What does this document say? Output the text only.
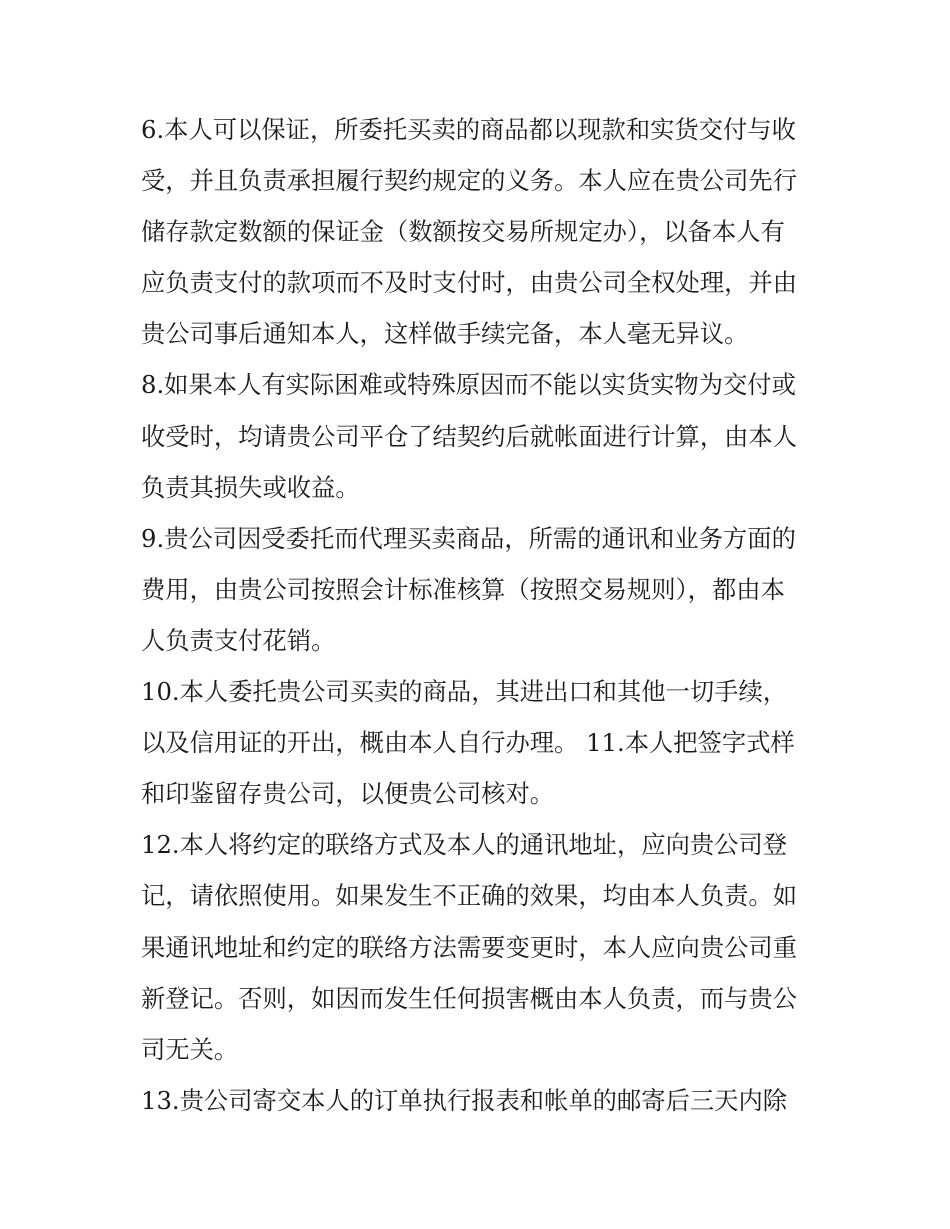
6.本人可以保证，所委托买卖的商品都以现款和实货交付与收
受，并且负责承担履行契约规定的义务。本人应在贵公司先行
储存款定数额的保证金（数额按交易所规定办），以备本人有
应负责支付的款项而不及时支付时，由贵公司全权处理，并由
贵公司事后通知本人，这样做手续完备，本人毫无异议。
8.如果本人有实际困难或特殊原因而不能以实货实物为交付或
收受时，均请贵公司平仓了结契约后就帐面进行计算，由本人
负责其损失或收益。
9.贵公司因受委托而代理买卖商品，所需的通讯和业务方面的
费用，由贵公司按照会计标准核算（按照交易规则），都由本
人负责支付花销。
10.本人委托贵公司买卖的商品，其进出口和其他一切手续，
以及信用证的开出，概由本人自行办理。 11.本人把签字式样
和印鉴留存贵公司，以便贵公司核对。
12.本人将约定的联络方式及本人的通讯地址，应向贵公司登
记，请依照使用。如果发生不正确的效果，均由本人负责。如
果通讯地址和约定的联络方法需要变更时，本人应向贵公司重
新登记。否则，如因而发生任何损害概由本人负责，而与贵公
司无关。
13.贵公司寄交本人的订单执行报表和帐单的邮寄后三天内除
